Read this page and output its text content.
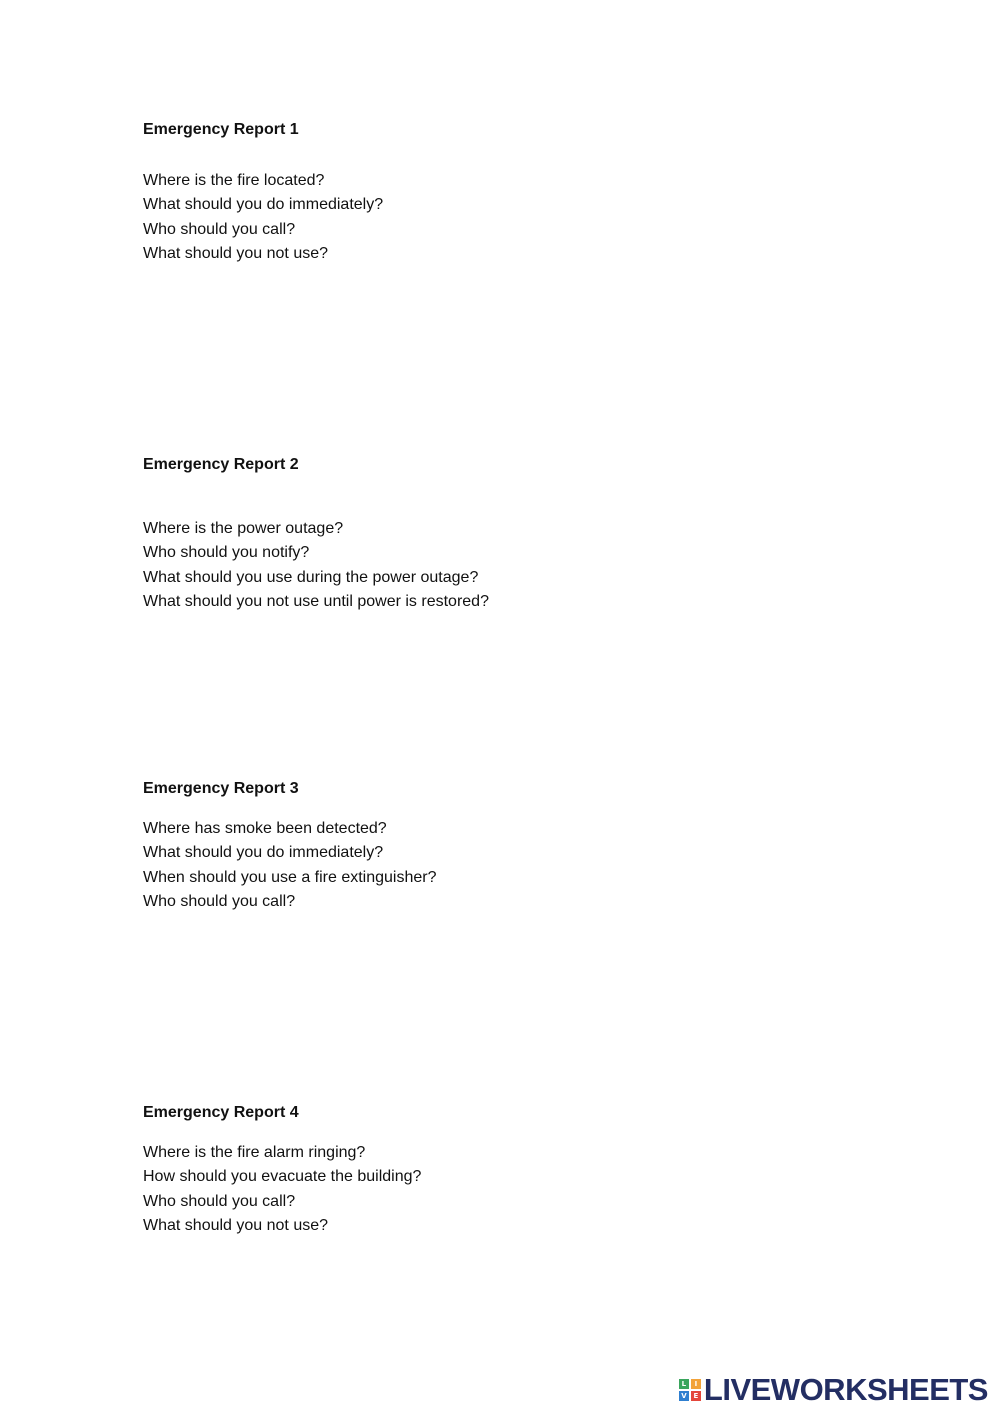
Emergency Report 1

Where is the fire located?
What should you do immediately?
Who should you call?
What should you not use?

Emergency Report 2

Where is the power outage?
Who should you notify?
What should you use during the power outage?
What should you not use until power is restored?

Emergency Report 3

Where has smoke been detected?
What should you do immediately?
When should you use a fire extinguisher?
Who should you call?

Emergency Report 4

Where is the fire alarm ringing?
How should you evacuate the building?
Who should you call?
What should you not use?
L	I
V E LIVEWORKSHEETS
